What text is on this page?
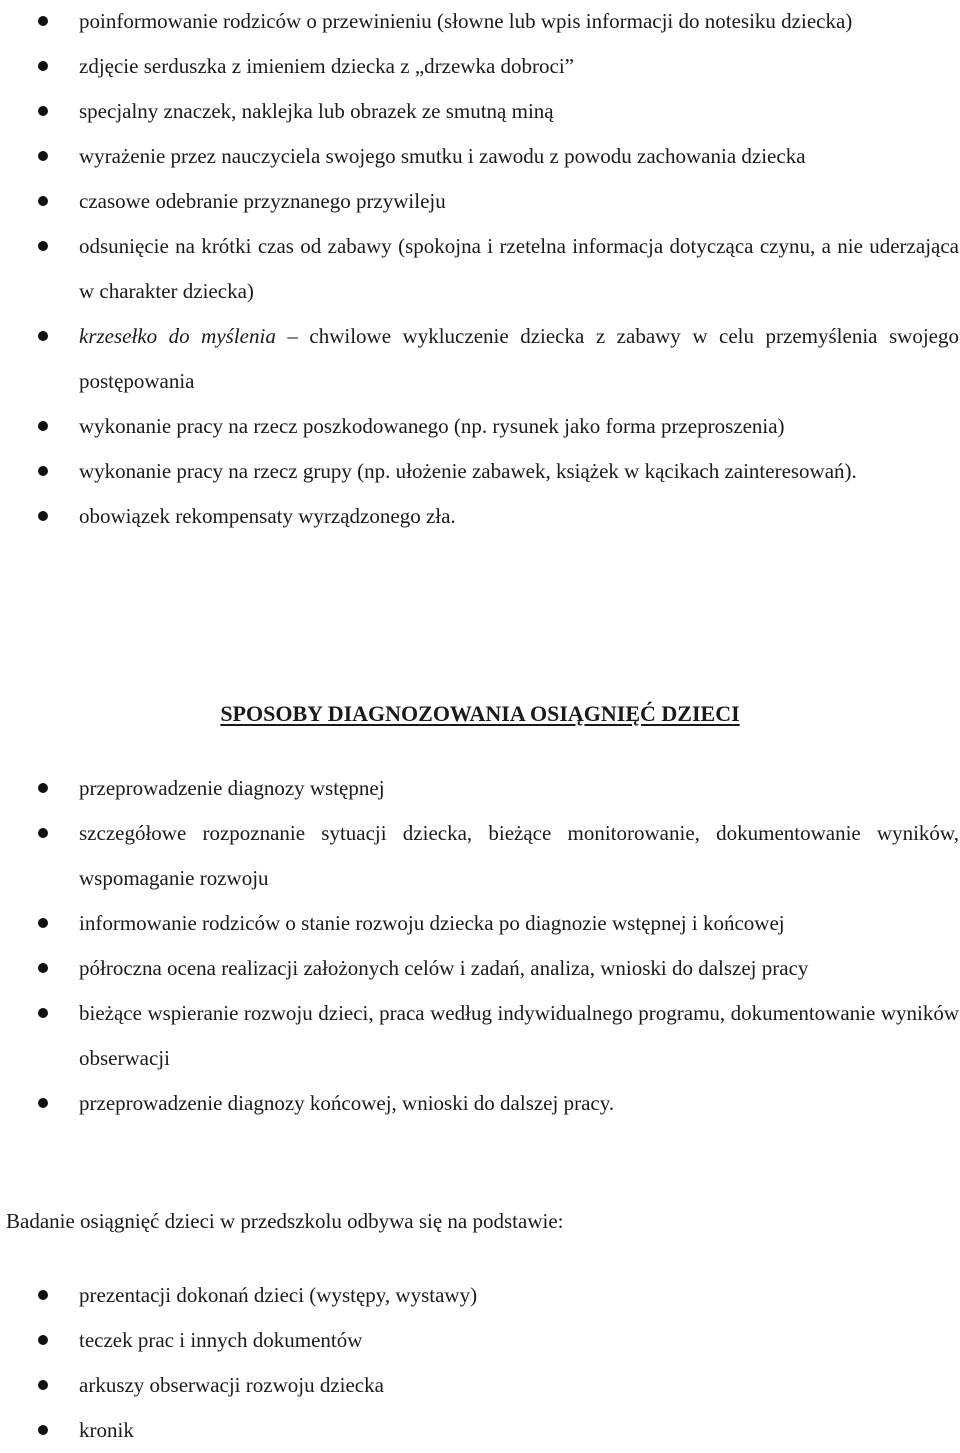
poinformowanie rodziców o przewinieniu (słowne lub wpis informacji do notesiku dziecka)
zdjęcie serduszka z imieniem dziecka z „drzewka dobroci”
specjalny znaczek, naklejka lub obrazek ze smutną miną
wyrażenie przez nauczyciela swojego smutku i zawodu z powodu zachowania dziecka
czasowe odebranie przyznanego przywileju
odsunięcie na krótki czas od zabawy (spokojna i rzetelna informacja dotycząca czynu, a nie uderzająca w charakter dziecka)
krzesełko do myślenia – chwilowe wykluczenie dziecka z zabawy w celu przemyślenia swojego postępowania
wykonanie pracy na rzecz poszkodowanego (np. rysunek jako forma przeproszenia)
wykonanie pracy na rzecz grupy (np. ułożenie zabawek, książek w kącikach zainteresowań).
obowiązek rekompensaty wyrządzonego zła.
SPOSOBY DIAGNOZOWANIA OSIĄGNIĘĆ DZIECI
przeprowadzenie diagnozy wstępnej
szczegółowe rozpoznanie sytuacji dziecka, bieżące monitorowanie, dokumentowanie wyników, wspomaganie rozwoju
informowanie rodziców o stanie rozwoju dziecka po diagnozie wstępnej i końcowej
półroczna ocena realizacji założonych celów i zadań, analiza, wnioski do dalszej pracy
bieżące wspieranie rozwoju dzieci, praca według indywidualnego programu, dokumentowanie wyników obserwacji
przeprowadzenie diagnozy końcowej, wnioski do dalszej pracy.
Badanie osiągnięć dzieci w przedszkolu odbywa się na podstawie:
prezentacji dokonań dzieci (występy, wystawy)
teczek prac i innych dokumentów
arkuszy obserwacji rozwoju dziecka
kronik
